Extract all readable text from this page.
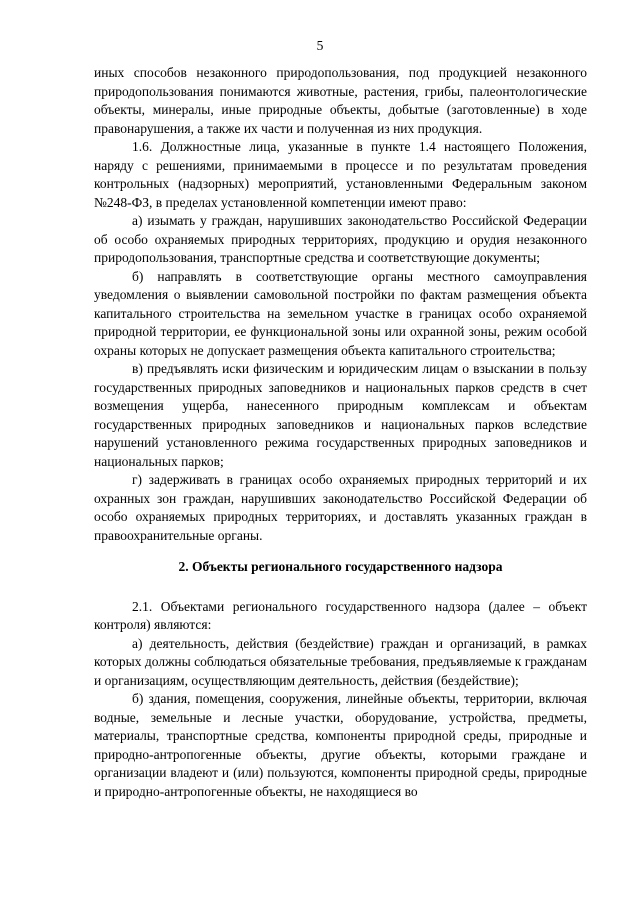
5

иных способов незаконного природопользования, под продукцией незаконного природопользования понимаются животные, растения, грибы, палеонтологические объекты, минералы, иные природные объекты, добытые (заготовленные) в ходе правонарушения, а также их части и полученная из них продукция.

1.6. Должностные лица, указанные в пункте 1.4 настоящего Положения, наряду с решениями, принимаемыми в процессе и по результатам проведения контрольных (надзорных) мероприятий, установленными Федеральным законом №248-ФЗ, в пределах установленной компетенции имеют право:

а) изымать у граждан, нарушивших законодательство Российской Федерации об особо охраняемых природных территориях, продукцию и орудия незаконного природопользования, транспортные средства и соответствующие документы;

б) направлять в соответствующие органы местного самоуправления уведомления о выявлении самовольной постройки по фактам размещения объекта капитального строительства на земельном участке в границах особо охраняемой природной территории, ее функциональной зоны или охранной зоны, режим особой охраны которых не допускает размещения объекта капитального строительства;

в) предъявлять иски физическим и юридическим лицам о взыскании в пользу государственных природных заповедников и национальных парков средств в счет возмещения ущерба, нанесенного природным комплексам и объектам государственных природных заповедников и национальных парков вследствие нарушений установленного режима государственных природных заповедников и национальных парков;

г) задерживать в границах особо охраняемых природных территорий и их охранных зон граждан, нарушивших законодательство Российской Федерации об особо охраняемых природных территориях, и доставлять указанных граждан в правоохранительные органы.

2. Объекты регионального государственного надзора

2.1. Объектами регионального государственного надзора (далее – объект контроля) являются:

а) деятельность, действия (бездействие) граждан и организаций, в рамках которых должны соблюдаться обязательные требования, предъявляемые к гражданам и организациям, осуществляющим деятельность, действия (бездействие);

б) здания, помещения, сооружения, линейные объекты, территории, включая водные, земельные и лесные участки, оборудование, устройства, предметы, материалы, транспортные средства, компоненты природной среды, природные и природно-антропогенные объекты, другие объекты, которыми граждане и организации владеют и (или) пользуются, компоненты природной среды, природные и природно-антропогенные объекты, не находящиеся во
